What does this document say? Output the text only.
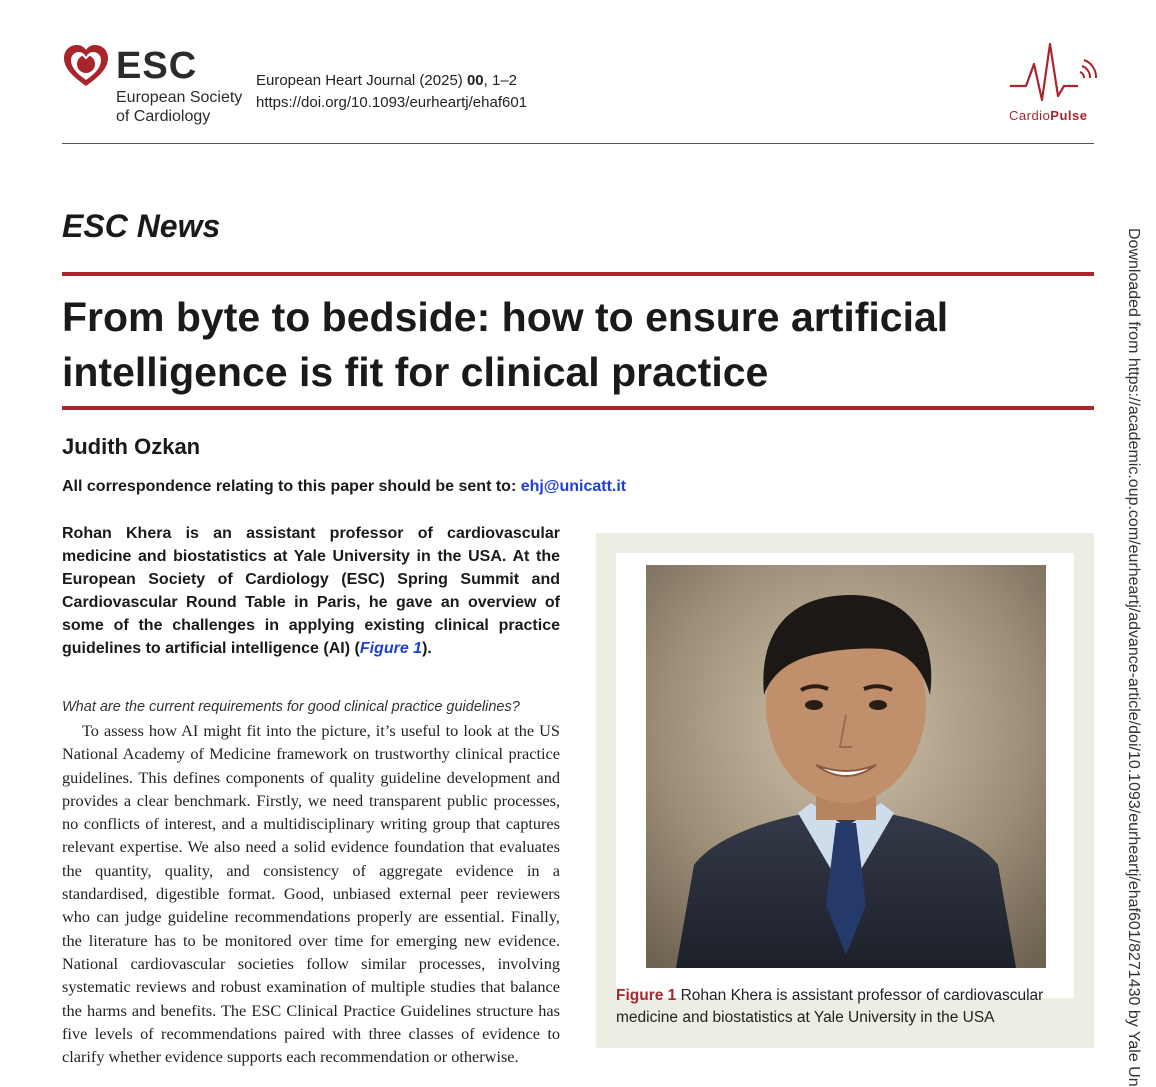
ESC
European Society
of Cardiology
European Heart Journal (2025) 00, 1–2
https://doi.org/10.1093/eurheartj/ehaf601
CardioPulse
ESC News
From byte to bedside: how to ensure artificial intelligence is fit for clinical practice
Judith Ozkan
All correspondence relating to this paper should be sent to: ehj@unicatt.it
Rohan Khera is an assistant professor of cardiovascular medicine and biostatistics at Yale University in the USA. At the European Society of Cardiology (ESC) Spring Summit and Cardiovascular Round Table in Paris, he gave an overview of some of the challenges in applying existing clinical practice guidelines to artificial intelligence (AI) (Figure 1).
What are the current requirements for good clinical practice guidelines?
To assess how AI might fit into the picture, it’s useful to look at the US National Academy of Medicine framework on trustworthy clinical practice guidelines. This defines components of quality guideline development and provides a clear benchmark. Firstly, we need transparent public processes, no conflicts of interest, and a multidisciplinary writing group that captures relevant expertise. We also need a solid evidence foundation that evaluates the quantity, quality, and consistency of aggregate evidence in a standardised, digestible format. Good, unbiased external peer reviewers who can judge guideline recommendations properly are essential. Finally, the literature has to be monitored over time for emerging new evidence. National cardiovascular societies follow similar processes, involving systematic reviews and robust examination of multiple studies that balance the harms and benefits. The ESC Clinical Practice Guidelines structure has five levels of recommendations paired with three classes of evidence to clarify whether evidence supports each recommendation or otherwise.
Figure 1 Rohan Khera is assistant professor of cardiovascular medicine and biostatistics at Yale University in the USA	Downloaded from https://academic.oup.com/eurheartj/advance-article/doi/10.1093/eurheartj/ehaf601/8271430 by Yale Un
